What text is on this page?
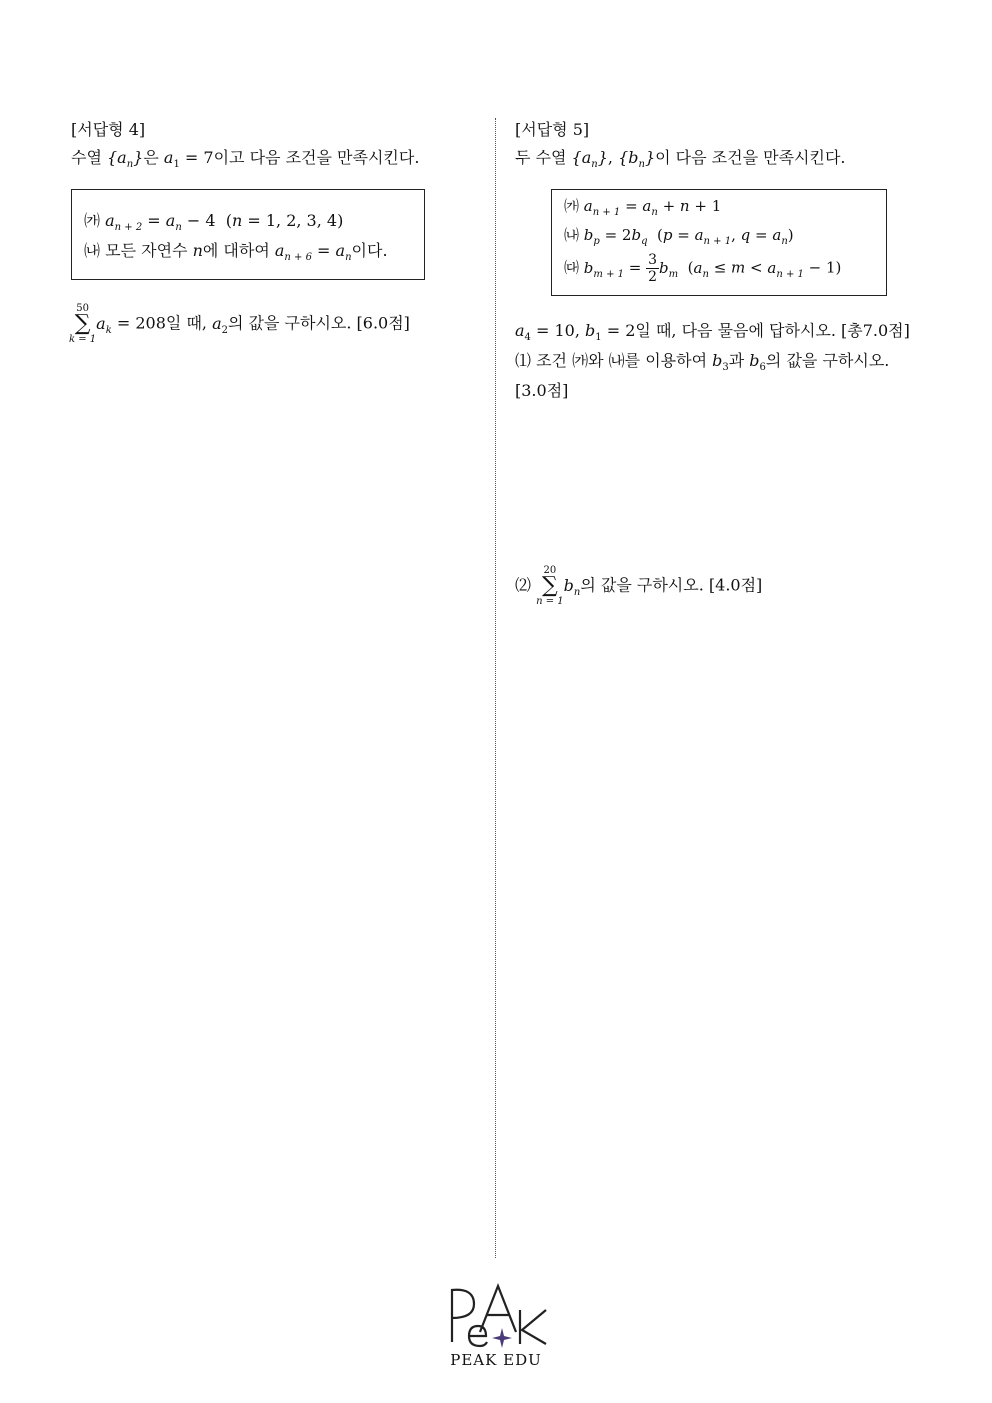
[서답형 4]
수열 $\{a_n\}$은 $a_1 = 7$이고 다음 조건을 만족시킨다.
㈎ $a_{n + 2} = a_n - 4$  (n = 1, 2, 3, 4)
㈏ 모든 자연수 n에 대하여 $a_{n + 6} = a_n$이다.
50
∑
k = 1
$a_k = 208$일 때, $a_2$의 값을 구하시오. [6.0점]
[서답형 5]
두 수열 $\{a_n\}$, $\{b_n\}$이 다음 조건을 만족시킨다.
㈎ $a_{n + 1} = a_n + n + 1$
㈏ $b_p = 2b_q$  ($p = a_{n + 1}$, $q = a_n$)
㈐ $b_{m + 1} = \frac{3}{2} b_m$  $(a_n \le m < a_{n + 1} - 1)$
$a_4 = 10$, $b_1 = 2$일 때, 다음 물음에 답하시오. [총7.0점]
⑴ 조건 ㈎와 ㈏를 이용하여 $b_3$과 $b_6$의 값을 구하시오.
[3.0점]
⑵
20
∑
n = 1
$b_n$의 값을 구하시오. [4.0점]
PEAK EDU
